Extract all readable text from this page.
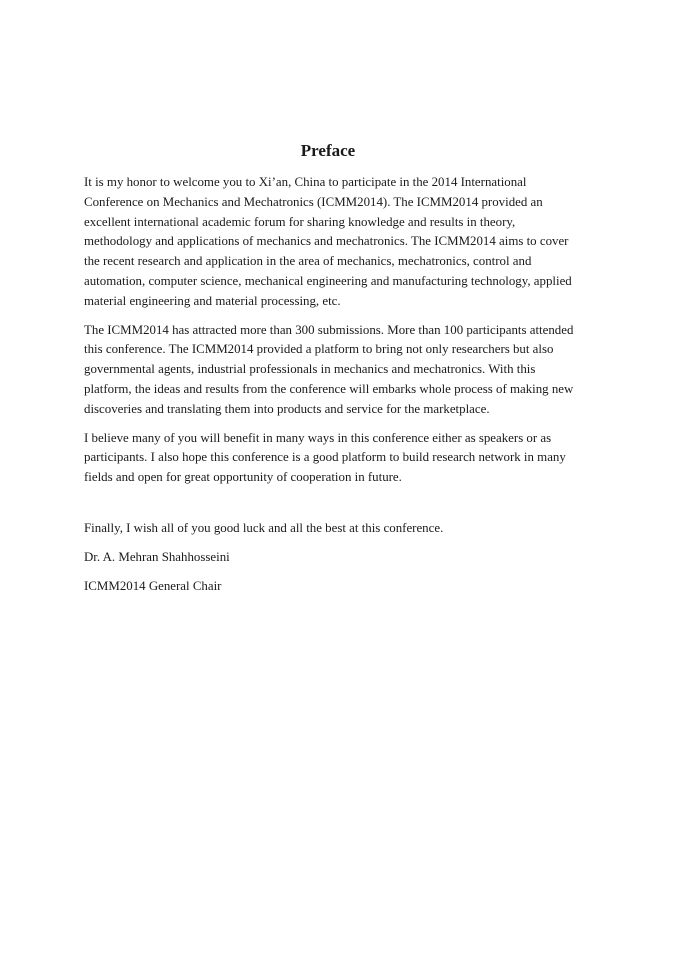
Preface

It is my honor to welcome you to Xi’an, China to participate in the 2014 International Conference on Mechanics and Mechatronics (ICMM2014). The ICMM2014 provided an excellent international academic forum for sharing knowledge and results in theory, methodology and applications of mechanics and mechatronics. The ICMM2014 aims to cover the recent research and application in the area of mechanics, mechatronics, control and automation, computer science, mechanical engineering and manufacturing technology, applied material engineering and material processing, etc.

The ICMM2014 has attracted more than 300 submissions. More than 100 participants attended this conference. The ICMM2014 provided a platform to bring not only researchers but also governmental agents, industrial professionals in mechanics and mechatronics. With this platform, the ideas and results from the conference will embarks whole process of making new discoveries and translating them into products and service for the marketplace.

I believe many of you will benefit in many ways in this conference either as speakers or as participants. I also hope this conference is a good platform to build research network in many fields and open for great opportunity of cooperation in future.

Finally, I wish all of you good luck and all the best at this conference.

Dr. A. Mehran Shahhosseini

ICMM2014 General Chair
